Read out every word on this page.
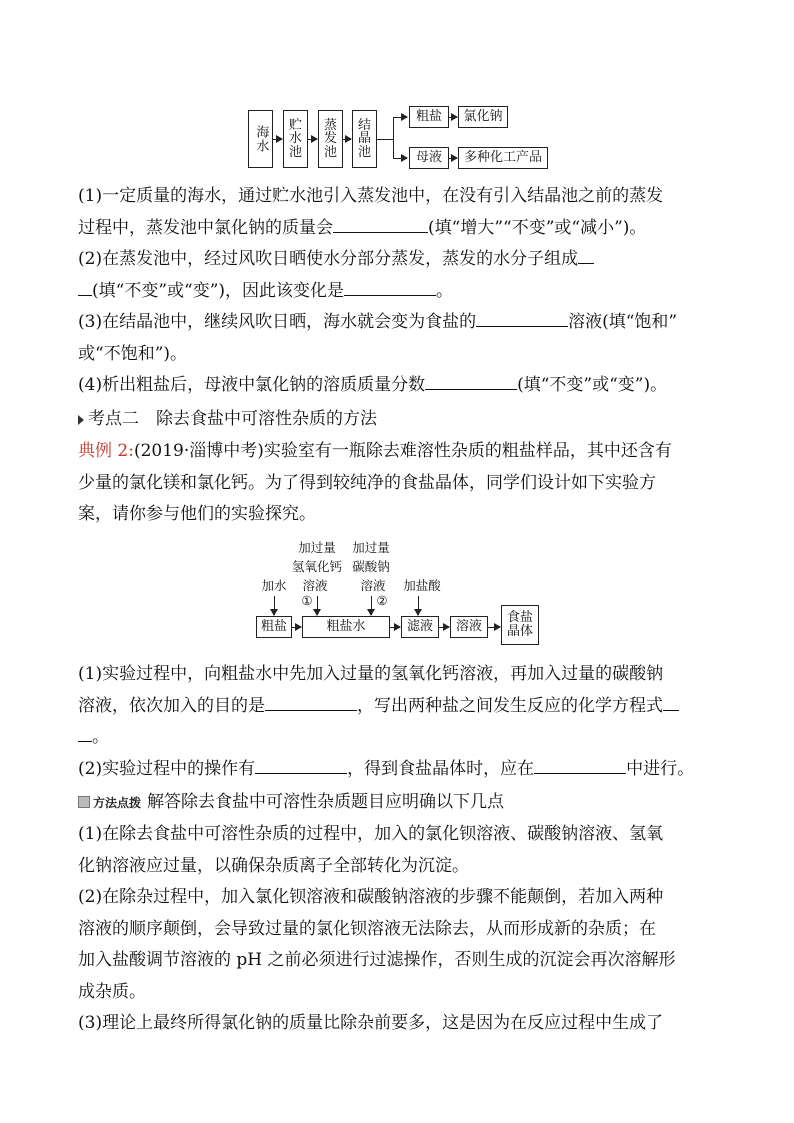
海水 贮
水
池
蒸
发
池
结
晶
池
粗盐 氯化钠
母液 多种化工产品
(1)一定质量的海水，通过贮水池引入蒸发池中，在没有引入结晶池之前的蒸发
过程中，蒸发池中氯化钠的质量会	(填“增大”“不变”或“减小”)。
(2)在蒸发池中，经过风吹日晒使水分部分蒸发，蒸发的水分子组成
(填“不变”或“变”)，因此该变化是	。
(3)在结晶池中，继续风吹日晒，海水就会变为食盐的	溶液(填“饱和”
或“不饱和”)。
(4)析出粗盐后，母液中氯化钠的溶质质量分数	(填“不变”或“变”)。
考点二　除去食盐中可溶性杂质的方法
典例 2:(2019·淄博中考)实验室有一瓶除去难溶性杂质的粗盐样品，其中还含有
少量的氯化镁和氯化钙。为了得到较纯净的食盐晶体，同学们设计如下实验方
案，请你参与他们的实验探究。
加过量
氢氧化钙
溶液
①
加过量
碳酸钠
溶液
②
加水	加盐酸
粗盐	粗盐水	滤液 溶液
食盐
晶体
(1)实验过程中，向粗盐水中先加入过量的氢氧化钙溶液，再加入过量的碳酸钠
溶液，依次加入的目的是	，写出两种盐之间发生反应的化学方程式
。
(2)实验过程中的操作有	，得到食盐晶体时，应在	中进行。
方法点拨 解答除去食盐中可溶性杂质题目应明确以下几点
(1)在除去食盐中可溶性杂质的过程中，加入的氯化钡溶液、碳酸钠溶液、氢氧
化钠溶液应过量，以确保杂质离子全部转化为沉淀。
(2)在除杂过程中，加入氯化钡溶液和碳酸钠溶液的步骤不能颠倒，若加入两种
溶液的顺序颠倒，会导致过量的氯化钡溶液无法除去，从而形成新的杂质；在
加入盐酸调节溶液的 pH 之前必须进行过滤操作，否则生成的沉淀会再次溶解形
成杂质。
(3)理论上最终所得氯化钠的质量比除杂前要多，这是因为在反应过程中生成了
